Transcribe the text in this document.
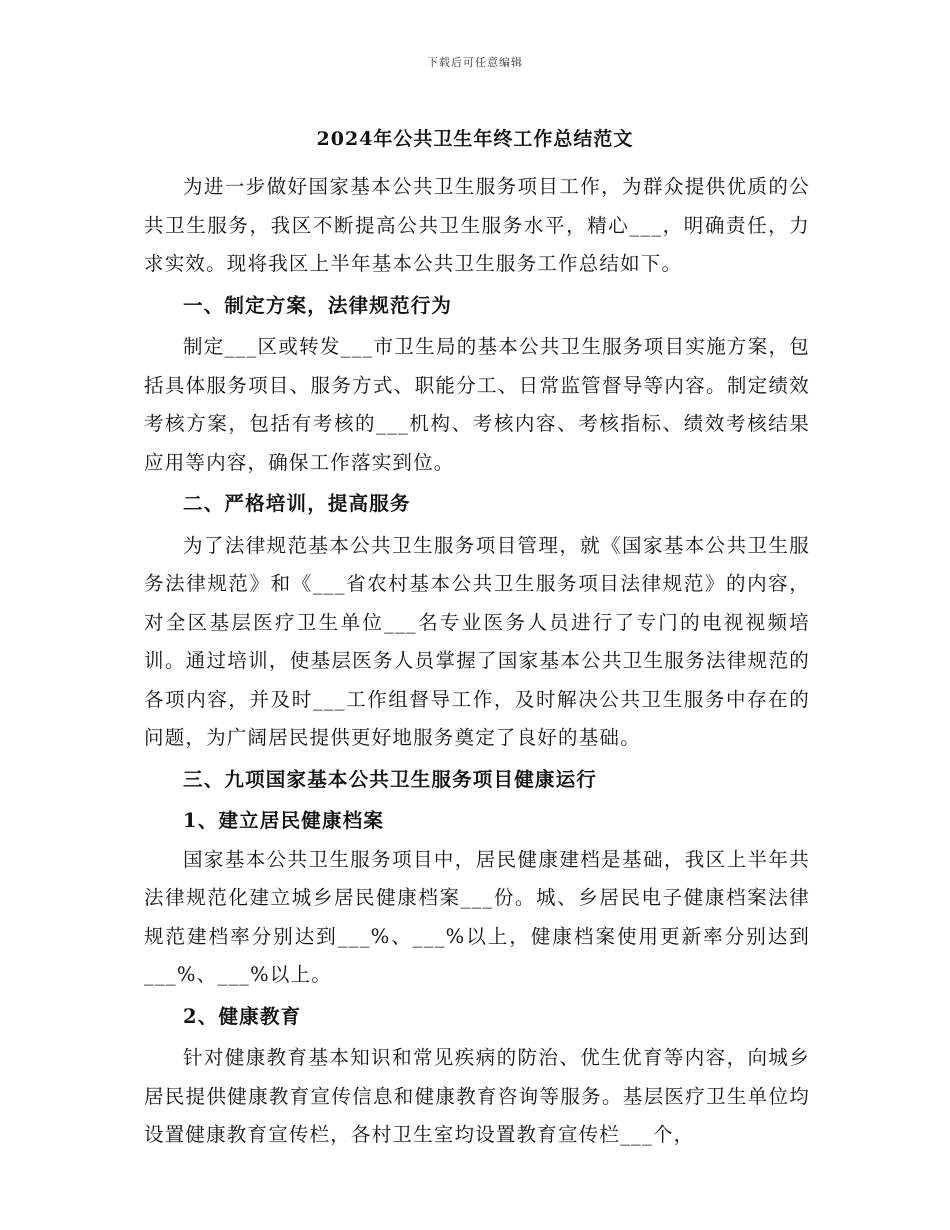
下载后可任意编辑
2024年公共卫生年终工作总结范文

为进一步做好国家基本公共卫生服务项目工作，为群众提供优质的公共卫生服务，我区不断提高公共卫生服务水平，精心___，明确责任，力求实效。现将我区上半年基本公共卫生服务工作总结如下。

一、制定方案，法律规范行为

制定___区或转发___市卫生局的基本公共卫生服务项目实施方案，包括具体服务项目、服务方式、职能分工、日常监管督导等内容。制定绩效考核方案，包括有考核的___机构、考核内容、考核指标、绩效考核结果应用等内容，确保工作落实到位。

二、严格培训，提高服务

为了法律规范基本公共卫生服务项目管理，就《国家基本公共卫生服务法律规范》和《___省农村基本公共卫生服务项目法律规范》的内容，对全区基层医疗卫生单位___名专业医务人员进行了专门的电视视频培训。通过培训，使基层医务人员掌握了国家基本公共卫生服务法律规范的各项内容，并及时___工作组督导工作，及时解决公共卫生服务中存在的问题，为广阔居民提供更好地服务奠定了良好的基础。

三、九项国家基本公共卫生服务项目健康运行

1、建立居民健康档案

国家基本公共卫生服务项目中，居民健康建档是基础，我区上半年共法律规范化建立城乡居民健康档案___份。城、乡居民电子健康档案法律规范建档率分别达到___%、___%以上，健康档案使用更新率分别达到___%、___%以上。

2、健康教育

针对健康教育基本知识和常见疾病的防治、优生优育等内容，向城乡居民提供健康教育宣传信息和健康教育咨询等服务。基层医疗卫生单位均设置健康教育宣传栏，各村卫生室均设置教育宣传栏___个，
